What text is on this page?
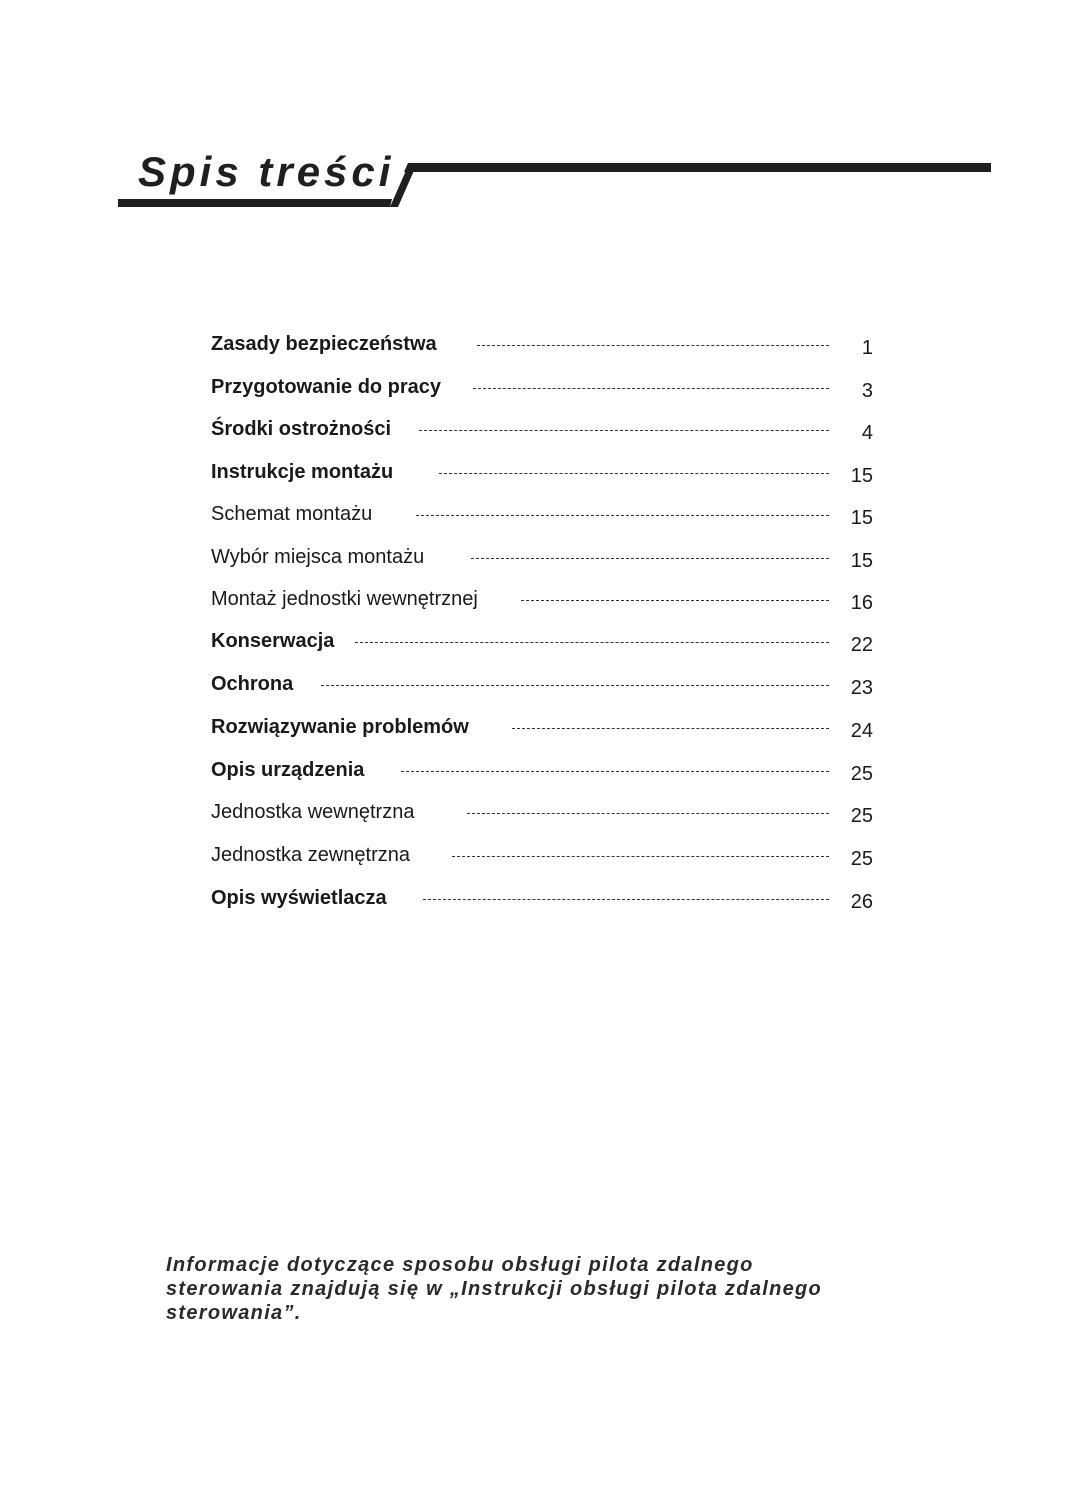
Spis treści
Zasady bezpieczeństwa	1
Przygotowanie do pracy	3
Środki ostrożności	4
Instrukcje montażu	15
Schemat montażu	15
Wybór miejsca montażu	15
Montaż jednostki wewnętrznej	16
Konserwacja	22
Ochrona	23
Rozwiązywanie problemów	24
Opis urządzenia	25
Jednostka wewnętrzna	25
Jednostka zewnętrzna	25
Opis wyświetlacza	26
Informacje dotyczące sposobu obsługi pilota zdalnego
sterowania znajdują się w „Instrukcji obsługi pilota zdalnego
sterowania”.
